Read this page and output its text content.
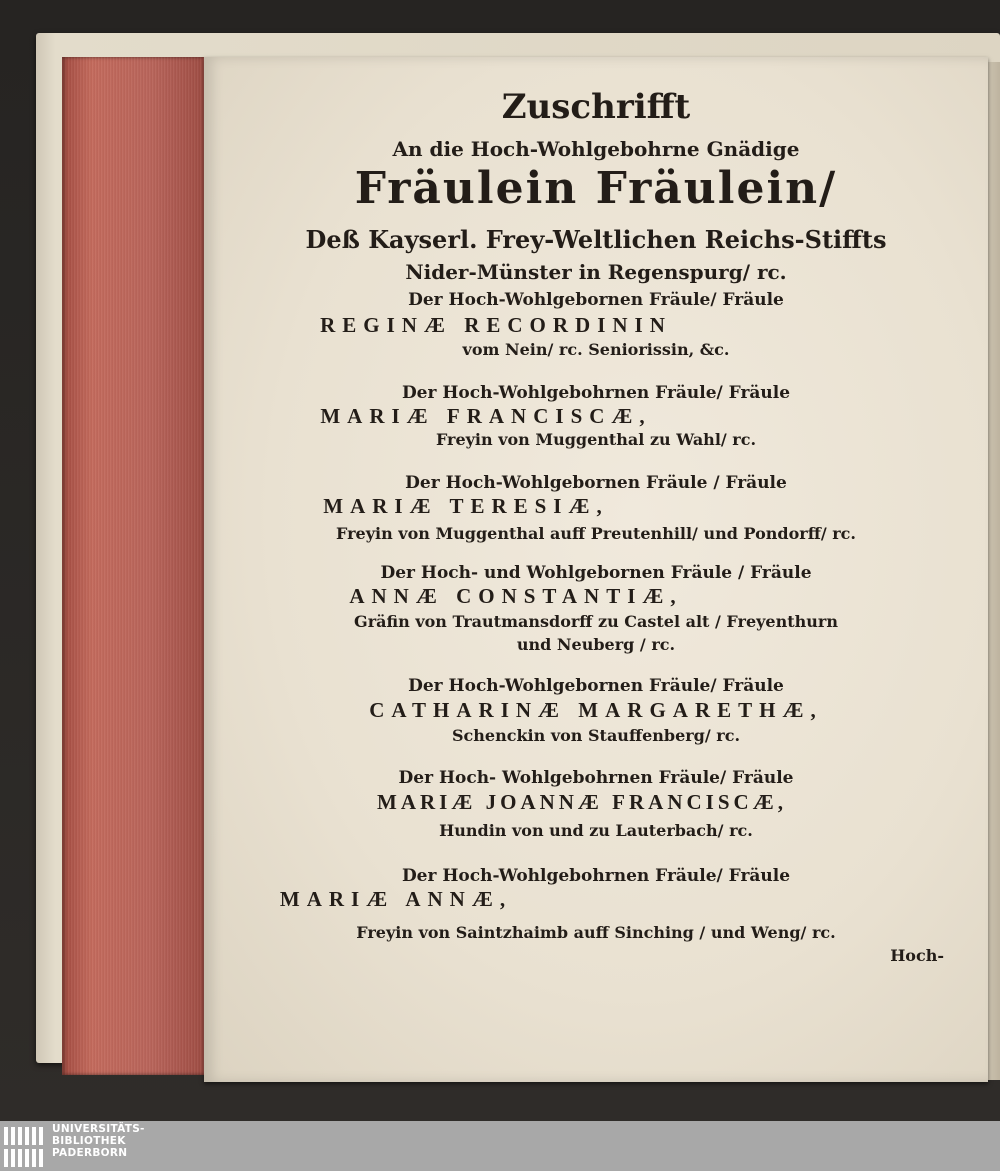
Zuschrifft
An die Hoch-Wohlgebohrne Gnädige
Fräulein Fräulein/
Deß Kayserl. Frey-Weltlichen Reichs-Stiffts
Nider-Münster in Regenspurg/ rc.
Der Hoch-Wohlgebornen Fräule/ Fräule
REGINÆ RECORDININ
vom Nein/ rc. Seniorissin, &c.
Der Hoch-Wohlgebohrnen Fräule/ Fräule
MARIÆ FRANCISCÆ,
Freyin von Muggenthal zu Wahl/ rc.
Der Hoch-Wohlgebornen Fräule / Fräule
MARIÆ TERESIÆ,
Freyin von Muggenthal auff Preutenhill/ und Pondorff/ rc.
Der Hoch- und Wohlgebornen Fräule / Fräule
ANNÆ CONSTANTIÆ,
Gräfin von Trautmansdorff zu Castel alt / Freyenthurn
und Neuberg / rc.
Der Hoch-Wohlgebornen Fräule/ Fräule
CATHARINÆ MARGARETHÆ,
Schenckin von Stauffenberg/ rc.
Der Hoch- Wohlgebohrnen Fräule/ Fräule
MARIÆ JOANNÆ FRANCISCÆ,
Hundin von und zu Lauterbach/ rc.
Der Hoch-Wohlgebohrnen Fräule/ Fräule
MARIÆ ANNÆ,
Freyin von Saintzhaimb auff Sinching / und Weng/ rc.
Hoch-
UNIVERSITÄTS-
BIBLIOTHEK
PADERBORN
